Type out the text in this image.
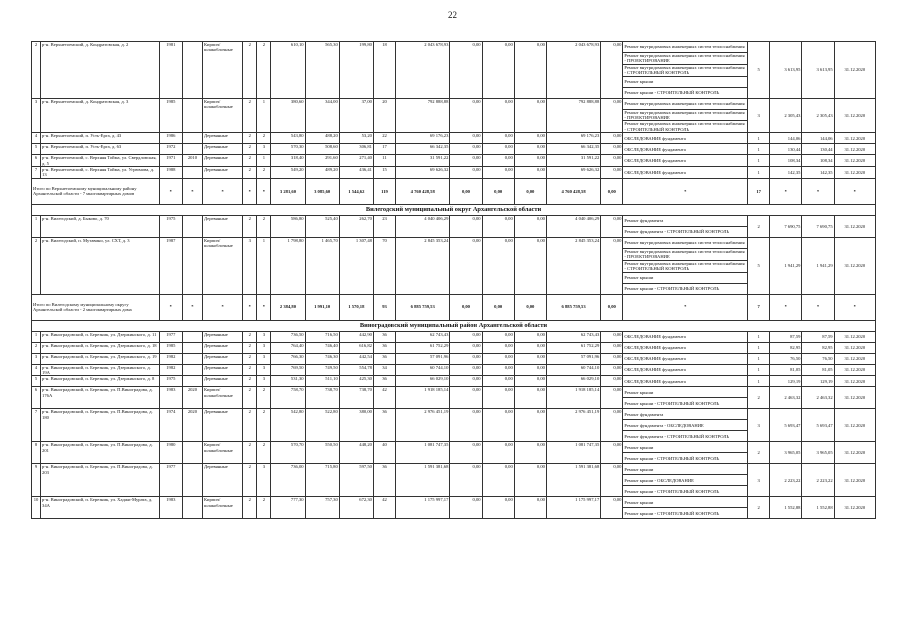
22
2	р-н. Верхнетоемский, д. Кондратовская, д. 2	1981		Кирпич/ шлакоблочные	2	2	610,10	565,30	199,80	18	2 043 678,93	0,00	0,00	0,00	2 043 678,93	0,00	Ремонт внутридомовых инженерных систем теплоснабжения	5	3 613,95	3 613,95	31.12.2020
																	Ремонт внутридомовых инженерных систем теплоснабжения - ПРОЕКТИРОВАНИЕ				
																	Ремонт внутридомовых инженерных систем теплоснабжения - СТРОИТЕЛЬНЫЙ КОНТРОЛЬ				
																	Ремонт крыши				
																	Ремонт крыши - СТРОИТЕЛЬНЫЙ КОНТРОЛЬ				
3	р-н. Верхнетоемский, д. Кондратовская, д. 3	1985		Кирпич/ шлакоблочные	2	1	380,60	344,00	37,00	20	792 888,88	0,00	0,00	0,00	792 888,88	0,00	Ремонт внутридомовых инженерных систем теплоснабжения	3	2 305,43	2 305,43	31.12.2020
																	Ремонт внутридомовых инженерных систем теплоснабжения - ПРОЕКТИРОВАНИЕ				
																	Ремонт внутридомовых инженерных систем теплоснабжения - СТРОИТЕЛЬНЫЙ КОНТРОЛЬ				
4	р-н. Верхнетоемский, п. Усть-Ерга, д. 43	1986		Деревянные	2	2	543,80	488,20	53,20	22	69 176,23	0,00	0,00	0,00	69 176,23	0,00	ОБСЛЕДОВАНИЕ фундамента	1	144,06	144,06	31.12.2020
5	р-н. Верхнетоемский, п. Усть-Ерга, д. 63	1972		Деревянные	2	3	570,30	508,60	306,81	17	66 342,35	0,00	0,00	0,00	66 342,35	0,00	ОБСЛЕДОВАНИЕ фундамента	1	130,44	130,44	31.12.2020
6	р-н. Верхнетоемский, с. Верхняя Тойма, ул. Свердловская, д. 5	1971	2010	Деревянные	2	1	318,40	291,60	271,40	11	31 591,22	0,00	0,00	0,00	31 591,22	0,00	ОБСЛЕДОВАНИЕ фундамента	1	108,34	108,34	31.12.2020
7	р-н. Верхнетоемский, с. Верхняя Тойма, ул. Угрюмова, д. 13	1988		Деревянные	2	2	549,20	489,20	436,41	15	69 626,32	0,00	0,00	0,00	69 626,32	0,00	ОБСЛЕДОВАНИЕ фундамента	1	142,35	142,35	31.12.2020
Итого по Верхнетоемскому муниципальному району Архангельской области - 7 многоквартирных домов		*	*	*	*	*	3 281,60	3 085,60	1 544,62	119	4 760 428,58	0,00	0,00	0,00	4 760 428,58	0,00	*	17	*	*	*
Вилегодский муниципальный округ Архангельской области																					
1	р-н. Вилегодский, д. Быково, д. 70	1975		Деревянные	2	2	586,80	525,40	262,70	23	4 040 406,29	0,00	0,00	0,00	4 040 406,29	0,00	Ремонт фундамента	2	7 690,75	7 690,75	31.12.2020
																	Ремонт фундамента - СТРОИТЕЛЬНЫЙ КОНТРОЛЬ				
2	р-н. Вилегодский, п. Мутавино, ул. СХТ, д. 3	1987		Кирпич/ шлакоблочные	3	1	1 798,80	1 465,70	1 307,48	70	2 845 353,24	0,00	0,00	0,00	2 845 353,24	0,00	Ремонт внутридомовых инженерных систем теплоснабжения	5	1 941,29	1 941,29	31.12.2020
																	Ремонт внутридомовых инженерных систем теплоснабжения - ПРОЕКТИРОВАНИЕ				
																	Ремонт внутридомовых инженерных систем теплоснабжения - СТРОИТЕЛЬНЫЙ КОНТРОЛЬ				
																	Ремонт крыши				
																	Ремонт крыши - СТРОИТЕЛЬНЫЙ КОНТРОЛЬ				
Итого по Вилегодскому муниципальному округу Архангельской области - 2 многоквартирных дома		*	*	*	*	*	2 384,80	1 991,10	1 570,18	93	6 885 759,53	0,00	0,00	0,00	6 885 759,53	0,00	*	7	*	*	*
Виноградовский муниципальный район Архангельской области																					
1	р-н. Виноградовский, п. Березник, ул. Дзержинского, д. 11	1977		Деревянные	2	3	736,50	716,50	442,90	36	62 743,43	0,00	0,00	0,00	62 743,43	0,00	ОБСЛЕДОВАНИЕ фундамента	1	87,59	87,59	31.12.2020
2	р-н. Виноградовский, п. Березник, ул. Дзержинского, д. 18	1985		Деревянные	2	3	764,40	746,40	616,82	36	61 752,29	0,00	0,00	0,00	61 752,29	0,00	ОБСЛЕДОВАНИЕ фундамента	1	82,95	82,95	31.12.2020
3	р-н. Виноградовский, п. Березник, ул. Дзержинского, д. 19	1982		Деревянные	2	3	766,30	746,30	442,54	36	57 091,96	0,00	0,00	0,00	57 091,96	0,00	ОБСЛЕДОВАНИЕ фундамента	1	76,50	76,50	31.12.2020
4	р-н. Виноградовский, п. Березник, ул. Дзержинского, д. 19А	1982		Деревянные	2	3	769,50	749,50	554,78	34	60 744,10	0,00	0,00	0,00	60 744,10	0,00	ОБСЛЕДОВАНИЕ фундамента	1	81,05	81,05	31.12.2020
5	р-н. Виноградовский, п. Березник, ул. Дзержинского, д. 8	1975		Деревянные	2	3	531,30	511,10	425,30	36	66 029,10	0,00	0,00	0,00	66 029,10	0,00	ОБСЛЕДОВАНИЕ фундамента	1	129,19	129,19	31.12.2020
6	р-н. Виноградовский, п. Березник, ул. П.Виноградова, д. 176А	1983	2020	Кирпич/ шлакоблочные	2	2	758,70	738,70	738,70	42	1 918 185,14	0,00	0,00	0,00	1 918 185,14	0,00	Ремонт крыши	2	2 463,32	2 463,32	31.12.2020
																	Ремонт крыши - СТРОИТЕЛЬНЫЙ КОНТРОЛЬ				
7	р-н. Виноградовский, п. Березник, ул. П.Виноградова, д. 180	1974	2020	Деревянные	2	2	542,80	522,80	380,00	36	2 976 451,19	0,00	0,00	0,00	2 976 451,19	0,00	Ремонт фундамента	3	5 693,47	5 693,47	31.12.2020
																	Ремонт фундамента - ОБСЛЕДОВАНИЕ				
																	Ремонт фундамента - СТРОИТЕЛЬНЫЙ КОНТРОЛЬ				
8	р-н. Виноградовский, п. Березник, ул. П.Виноградова, д. 201	1980		Кирпич/ шлакоблочные	2	2	570,70	550,50	448,20	40	1 081 747,35	0,00	0,00	0,00	1 081 747,35	0,00	Ремонт крыши	2	3 965,05	3 965,05	31.12.2020
																	Ремонт крыши - СТРОИТЕЛЬНЫЙ КОНТРОЛЬ				
9	р-н. Виноградовский, п. Березник, ул. П.Виноградова, д. 203	1977		Деревянные	2	3	736,00	715,80	597,50	36	1 591 381,68	0,00	0,00	0,00	1 591 381,68	0,00	Ремонт крыши	3	2 223,22	2 223,22	31.12.2020
																	Ремонт крыши - ОБСЛЕДОВАНИЕ				
																	Ремонт крыши - СТРОИТЕЛЬНЫЙ КОНТРОЛЬ				
10	р-н. Виноградовский, п. Березник, ул. Хаджи-Мурата, д. 34А	1983		Кирпич/ шлакоблочные	2	2	777,30	757,30	672,30	42	1 175 997,17	0,00	0,00	0,00	1 175 997,17	0,00	Ремонт крыши	2	1 552,88	1 552,88	31.12.2020
																	Ремонт крыши - СТРОИТЕЛЬНЫЙ КОНТРОЛЬ				
